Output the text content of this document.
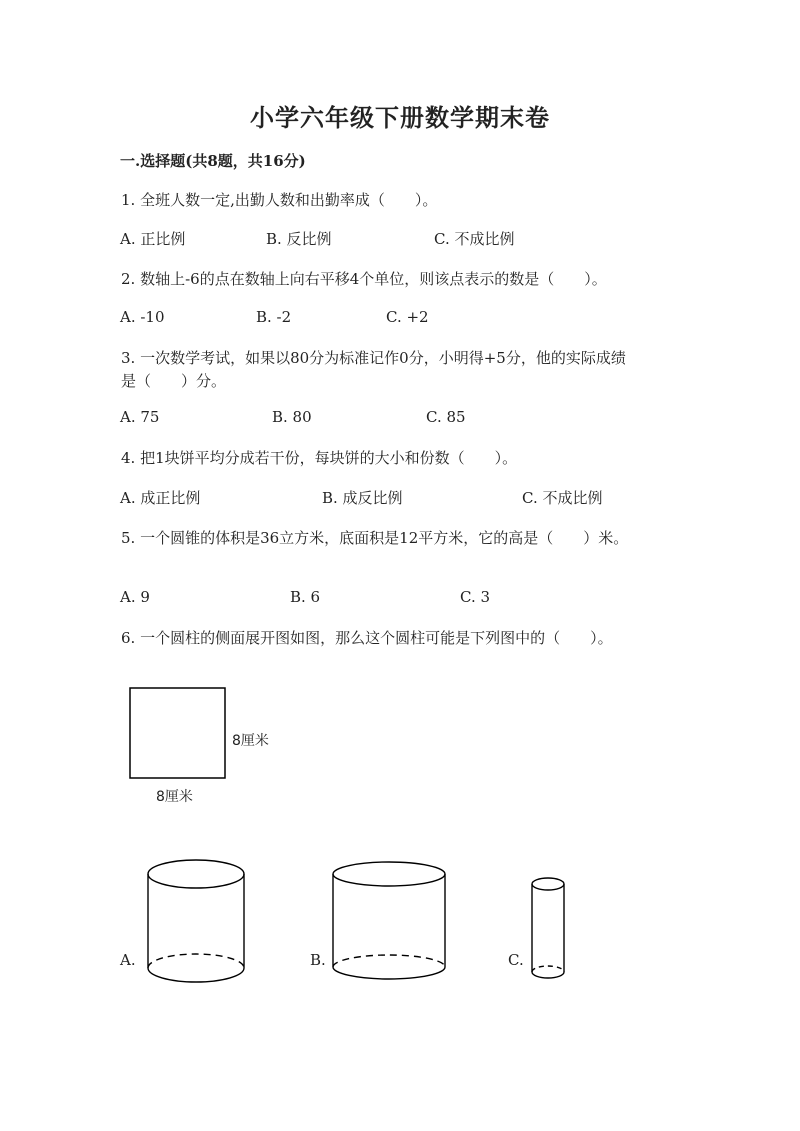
小学六年级下册数学期末卷
一.选择题(共8题，共16分)
1. 全班人数一定,出勤人数和出勤率成（　　）。
A. 正比例	B. 反比例	C. 不成比例
2. 数轴上-6的点在数轴上向右平移4个单位，则该点表示的数是（　　）。
A. -10	B. -2	C. +2
3. 一次数学考试，如果以80分为标准记作0分，小明得+5分，他的实际成绩
是（　　）分。
A. 75	B. 80	C. 85
4. 把1块饼平均分成若干份，每块饼的大小和份数（　　）。
A. 成正比例	B. 成反比例	C. 不成比例
5. 一个圆锥的体积是36立方米，底面积是12平方米，它的高是（　　）米。
A. 9	B. 6	C. 3
6. 一个圆柱的侧面展开图如图，那么这个圆柱可能是下列图中的（　　）。
8厘米
8厘米
A.	B.	C.
